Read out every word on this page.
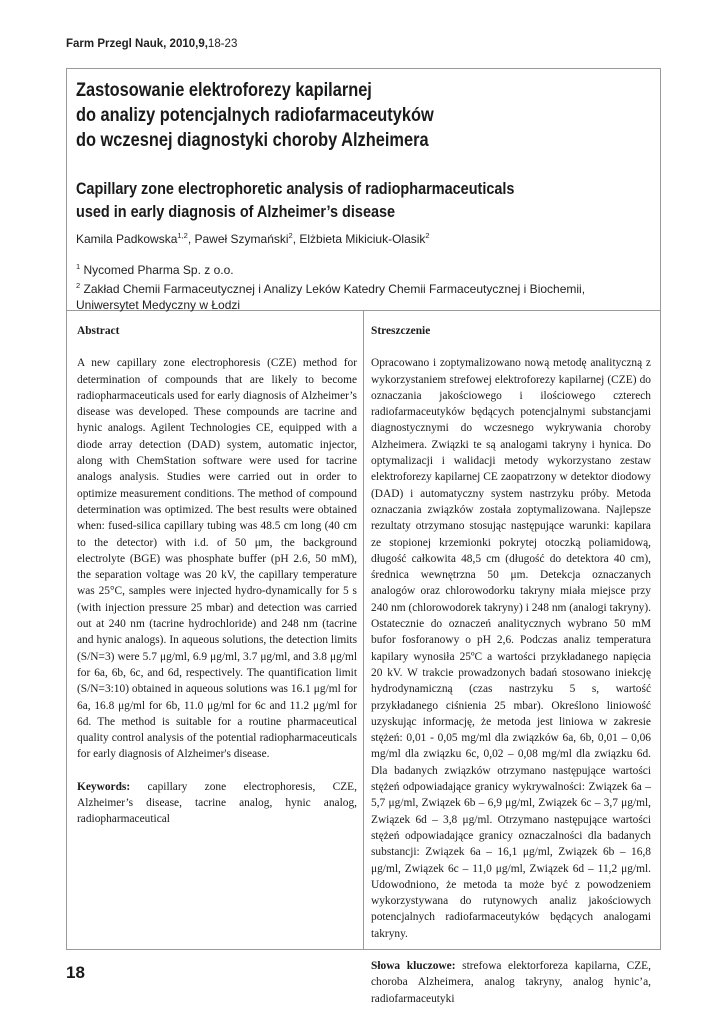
Farm Przegl Nauk, 2010,9,18-23
Zastosowanie elektroforezy kapilarnej
do analizy potencjalnych radiofarmaceutyków
do wczesnej diagnostyki choroby Alzheimera
Capillary zone electrophoretic analysis of radiopharmaceuticals
used in early diagnosis of Alzheimer’s disease
Kamila Padkowska$^{1,2}$, Paweł Szymański$^2$, Elżbieta Mikiciuk-Olasik$^2$
$^1$ Nycomed Pharma Sp. z o.o.
$^2$ Zakład Chemii Farmaceutycznej i Analizy Leków Katedry Chemii Farmaceutycznej i Biochemii,
Uniwersytet Medyczny w Łodzi
Abstract

A new capillary zone electrophoresis (CZE) method for determination of compounds that are likely to become radiopharmaceuticals used for early diagnosis of Alzheimer’s disease was developed. These compounds are tacrine and hynic analogs. Agilent Technologies CE, equipped with a diode array detection (DAD) system, automatic injector, along with ChemStation software were used for tacrine analogs analysis. Studies were carried out in order to optimize measurement conditions. The method of compound determination was optimized. The best results were obtained when: fused-silica capillary tubing was 48.5 cm long (40 cm to the detector) with i.d. of 50 μm, the background electrolyte (BGE) was phosphate buffer (pH 2.6, 50 mM), the separation voltage was 20 kV, the capillary temperature was 25°C, samples were injected hydro-dynamically for 5 s (with injection pressure 25 mbar) and detection was carried out at 240 nm (tacrine hydrochloride) and 248 nm (tacrine and hynic analogs). In aqueous solutions, the detection limits (S/N=3) were 5.7 μg/ml, 6.9 μg/ml, 3.7 μg/ml, and 3.8 μg/ml for 6a, 6b, 6c, and 6d, respectively. The quantification limit (S/N=3:10) obtained in aqueous solutions was 16.1 μg/ml for 6a, 16.8 μg/ml for 6b, 11.0 μg/ml for 6c and 11.2 μg/ml for 6d. The method is suitable for a routine pharmaceutical quality control analysis of the potential radiopharmaceuticals for early diagnosis of Alzheimer's disease.

Keywords: capillary zone electrophoresis, CZE, Alzheimer’s disease, tacrine analog, hynic analog, radiopharmaceutical

Streszczenie

Opracowano i zoptymalizowano nową metodę analityczną z wykorzystaniem strefowej elektroforezy kapilarnej (CZE) do oznaczania jakościowego i ilościowego czterech radiofarmaceutyków będących potencjalnymi substancjami diagnostycznymi do wczesnego wykrywania choroby Alzheimera. Związki te są analogami takryny i hynica. Do optymalizacji i walidacji metody wykorzystano zestaw elektroforezy kapilarnej CE zaopatrzony w detektor diodowy (DAD) i automatyczny system nastrzyku próby. Metoda oznaczania związków została zoptymalizowana. Najlepsze rezultaty otrzymano stosując następujące warunki: kapilara ze stopionej krzemionki pokrytej otoczką poliamidową, długość całkowita 48,5 cm (długość do detektora 40 cm), średnica wewnętrzna 50 μm. Detekcja oznaczanych analogów oraz chlorowodorku takryny miała miejsce przy 240 nm (chlorowodorek takryny) i 248 nm (analogi takryny). Ostatecznie do oznaczeń analitycznych wybrano 50 mM bufor fosforanowy o pH 2,6. Podczas analiz temperatura kapilary wynosiła 25ºC a wartości przykładanego napięcia 20 kV. W trakcie prowadzonych badań stosowano iniekcję hydrodynamiczną (czas nastrzyku 5 s, wartość przykładanego ciśnienia 25 mbar). Określono liniowość uzyskując informację, że metoda jest liniowa w zakresie stężeń: 0,01 - 0,05 mg/ml dla związków 6a, 6b, 0,01 – 0,06 mg/ml dla związku 6c, 0,02 – 0,08 mg/ml dla związku 6d. Dla badanych związków otrzymano następujące wartości stężeń odpowiadające granicy wykrywalności: Związek 6a – 5,7 μg/ml, Związek 6b – 6,9 μg/ml, Związek 6c – 3,7 μg/ml, Związek 6d – 3,8 μg/ml. Otrzymano następujące wartości stężeń odpowiadające granicy oznaczalności dla badanych substancji: Związek 6a – 16,1 μg/ml, Związek 6b – 16,8 μg/ml, Związek 6c – 11,0 μg/ml, Związek 6d – 11,2 μg/ml. Udowodniono, że metoda ta może być z powodzeniem wykorzystywana do rutynowych analiz jakościowych potencjalnych radiofarmaceutyków będących analogami takryny.

Słowa kluczowe: strefowa elektorforeza kapilarna, CZE, choroba Alzheimera, analog takryny, analog hynic’a, radiofarmaceutyki

18
